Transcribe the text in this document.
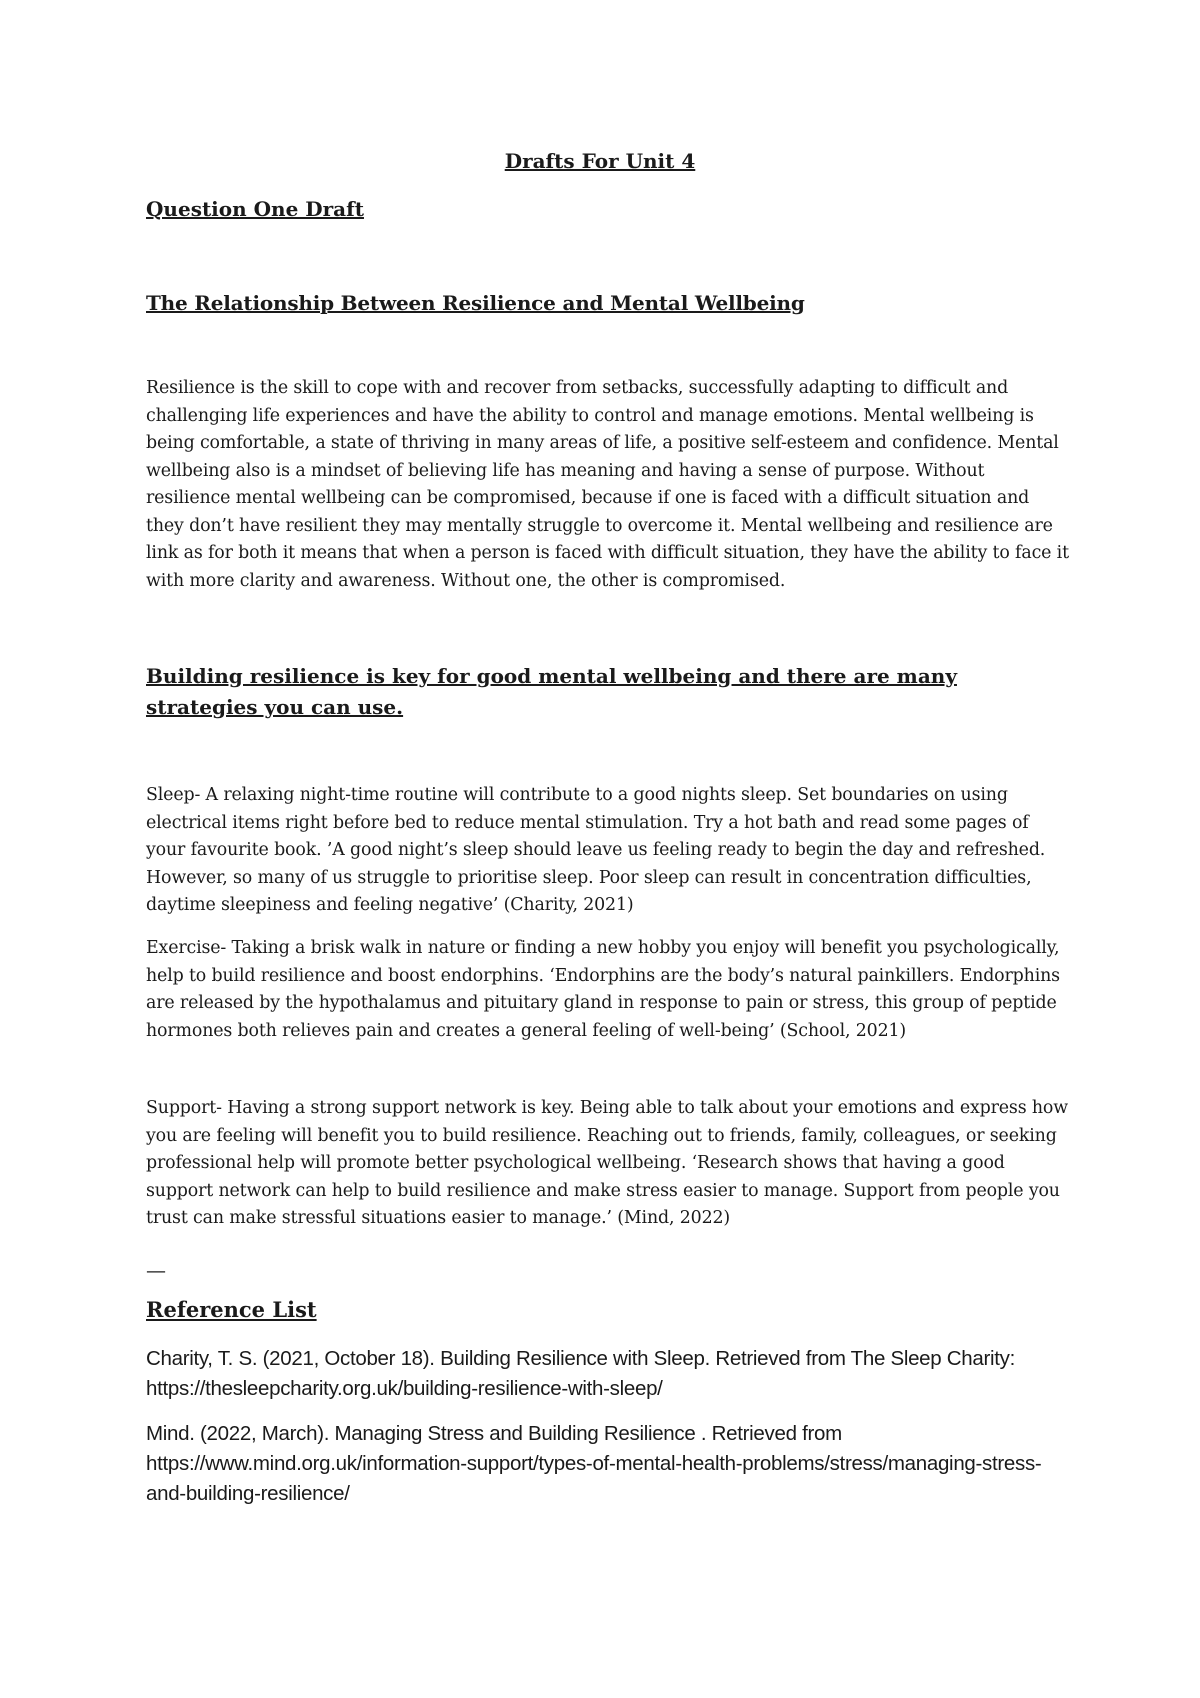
Drafts For Unit 4
Question One Draft
The Relationship Between Resilience and Mental Wellbeing

Resilience is the skill to cope with and recover from setbacks, successfully adapting to difficult and challenging life experiences and have the ability to control and manage emotions. Mental wellbeing is being comfortable, a state of thriving in many areas of life, a positive self-esteem and confidence. Mental wellbeing also is a mindset of believing life has meaning and having a sense of purpose. Without resilience mental wellbeing can be compromised, because if one is faced with a difficult situation and they don’t have resilient they may mentally struggle to overcome it. Mental wellbeing and resilience are link as for both it means that when a person is faced with difficult situation, they have the ability to face it with more clarity and awareness. Without one, the other is compromised.

Building resilience is key for good mental wellbeing and there are many strategies you can use.

Sleep- A relaxing night-time routine will contribute to a good nights sleep. Set boundaries on using electrical items right before bed to reduce mental stimulation. Try a hot bath and read some pages of your favourite book. ’A good night’s sleep should leave us feeling ready to begin the day and refreshed. However, so many of us struggle to prioritise sleep. Poor sleep can result in concentration difficulties, daytime sleepiness and feeling negative’ (Charity, 2021)

Exercise- Taking a brisk walk in nature or finding a new hobby you enjoy will benefit you psychologically, help to build resilience and boost endorphins. ‘Endorphins are the body’s natural painkillers. Endorphins are released by the hypothalamus and pituitary gland in response to pain or stress, this group of peptide hormones both relieves pain and creates a general feeling of well-being’ (School, 2021)

Support- Having a strong support network is key. Being able to talk about your emotions and express how you are feeling will benefit you to build resilience. Reaching out to friends, family, colleagues, or seeking professional help will promote better psychological wellbeing. ‘Research shows that having a good support network can help to build resilience and make stress easier to manage. Support from people you trust can make stressful situations easier to manage.’ (Mind, 2022)

—
Reference List

Charity, T. S. (2021, October 18). Building Resilience with Sleep. Retrieved from The Sleep Charity: https://thesleepcharity.org.uk/building-resilience-with-sleep/

Mind. (2022, March). Managing Stress and Building Resilience . Retrieved from https://www.mind.org.uk/information-support/types-of-mental-health-problems/stress/managing-stress-and-building-resilience/
